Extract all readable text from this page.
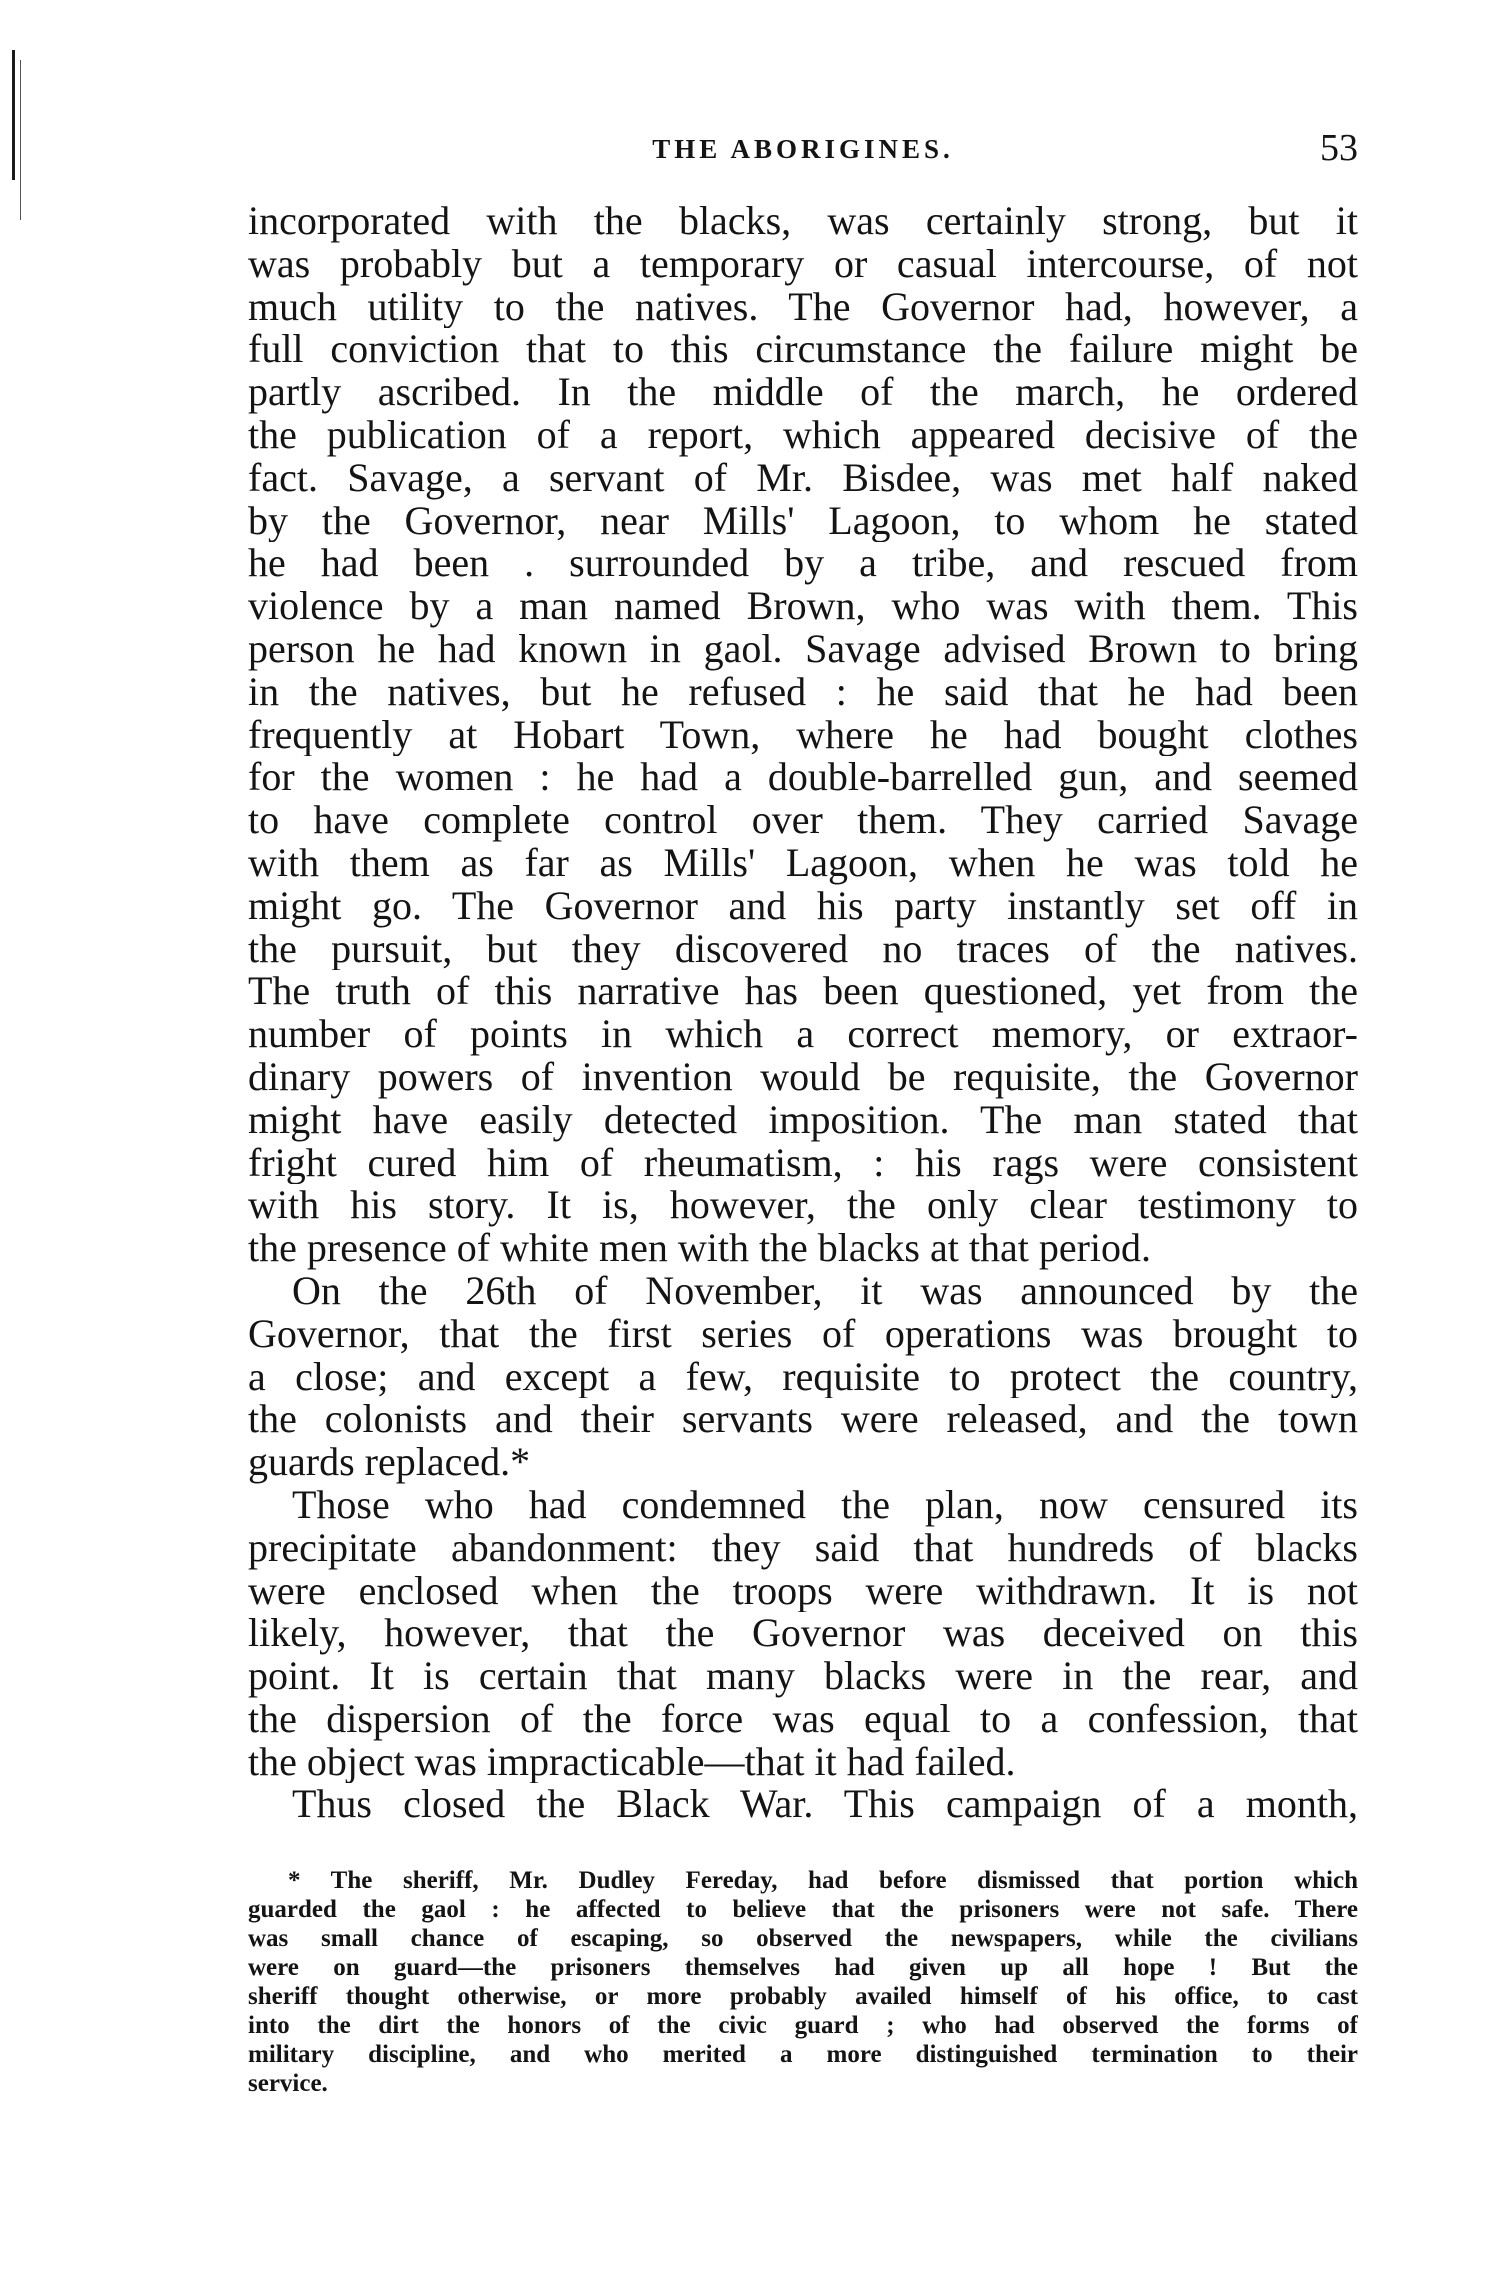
THE ABORIGINES.	53
incorporated with the blacks, was certainly strong, but it
was probably but a temporary or casual intercourse, of not
much utility to the natives. The Governor had, however, a
full conviction that to this circumstance the failure might be
partly ascribed. In the middle of the march, he ordered
the publication of a report, which appeared decisive of the
fact. Savage, a servant of Mr. Bisdee, was met half naked
by the Governor, near Mills' Lagoon, to whom he stated
he had been . surrounded by a tribe, and rescued from
violence by a man named Brown, who was with them. This
person he had known in gaol. Savage advised Brown to bring
in the natives, but he refused : he said that he had been
frequently at Hobart Town, where he had bought clothes
for the women : he had a double-barrelled gun, and seemed
to have complete control over them. They carried Savage
with them as far as Mills' Lagoon, when he was told he
might go. The Governor and his party instantly set off in
the pursuit, but they discovered no traces of the natives.
The truth of this narrative has been questioned, yet from the
number of points in which a correct memory, or extraor-
dinary powers of invention would be requisite, the Governor
might have easily detected imposition. The man stated that
fright cured him of rheumatism, : his rags were consistent
with his story. It is, however, the only clear testimony to
the presence of white men with the blacks at that period.
On the 26th of November, it was announced by the
Governor, that the first series of operations was brought to
a close; and except a few, requisite to protect the country,
the colonists and their servants were released, and the town
guards replaced.*
Those who had condemned the plan, now censured its
precipitate abandonment: they said that hundreds of blacks
were enclosed when the troops were withdrawn. It is not
likely, however, that the Governor was deceived on this
point. It is certain that many blacks were in the rear, and
the dispersion of the force was equal to a confession, that
the object was impracticable—that it had failed.
Thus closed the Black War. This campaign of a month,
* The sheriff, Mr. Dudley Fereday, had before dismissed that portion which
guarded the gaol : he affected to believe that the prisoners were not safe. There
was small chance of escaping, so observed the newspapers, while the civilians
were on guard—the prisoners themselves had given up all hope ! But the
sheriff thought otherwise, or more probably availed himself of his office, to cast
into the dirt the honors of the civic guard ; who had observed the forms of
military discipline, and who merited a more distinguished termination to their
service.
